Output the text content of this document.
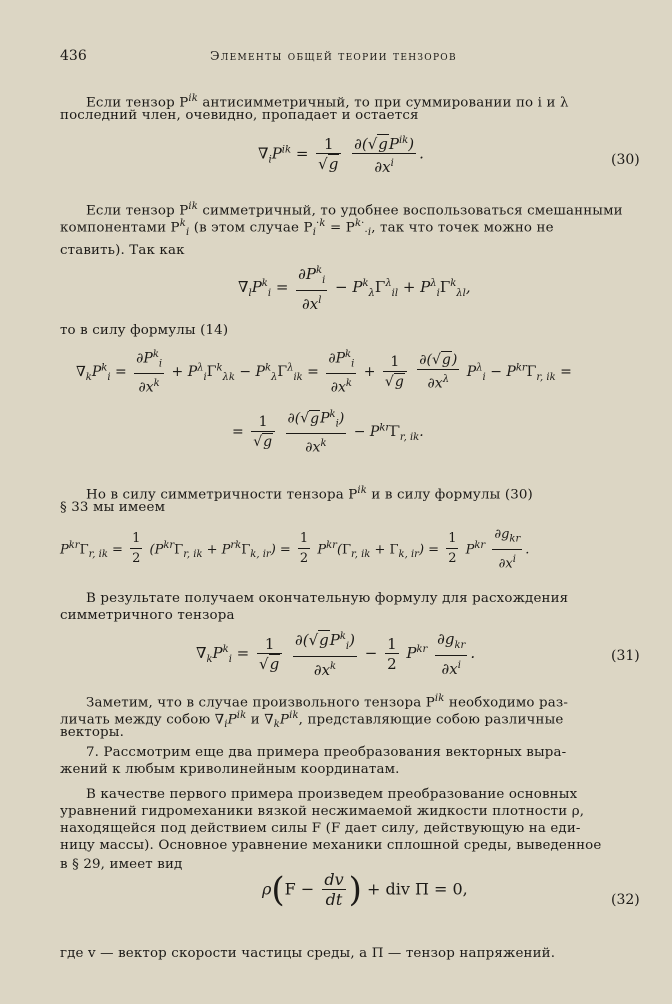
436	Элементы общей теории тензоров
Если тензор $P^{ik}$ антисимметричный, то при суммировании по i и λ
последний член, очевидно, пропадает и остается
$\nabla_iP^{ik} = \frac{1}{√g}$
$\frac{\partial(√gP^{ik})}{\partial x^i}$ .	(30)
Если тензор $P^{ik}$ симметричный, то удобнее воспользоваться смешанными
компонентами $P^k_i$ (в этом случае $P_i^{\cdot k} = P^{k\cdot}_{\cdot i}$, так что точек можно не
ставить). Так как
$\nabla_lP^k_i = \frac{\partial P^k_i}{\partial x^l} - P^k_\lambda\Gamma^\lambda_{il} + P^\lambda_i\Gamma^k_{\lambda l}$,
то в силу формулы (14)
$\nabla_kP^k_i = \frac{\partial P^k_i}{\partial x^k} + P^\lambda_i\Gamma^k_{\lambda k} - P^k_\lambda\Gamma^\lambda_{ik} = \frac{\partial P^k_i}{\partial x^k} + \frac{1}{√g}$
$\frac{\partial(√g)}{\partial x^\lambda} P^\lambda_i - P^{kr}\Gamma_{r, ik}$ =
= $\frac{1}{√g}$
$\frac{\partial(√gP^k_i)}{\partial x^k} - P^{kr}\Gamma_{r, ik}$.
Но в силу симметричности тензора $P^{ik}$ и в силу формулы (30)
§ 33 мы имеем
$P^{kr}\Gamma_{r, ik} = \frac{1}{2} (P^{kr}\Gamma_{r, ik} + P^{rk}\Gamma_{k, ir}) = \frac{1}{2} P^{kr}(\Gamma_{r, ik} + \Gamma_{k, ir}) = \frac{1}{2} P^{kr} \frac{\partial g_{kr}}{\partial x^i}$ .
В результате получаем окончательную формулу для расхождения
симметричного тензора
$\nabla_kP^k_i = \frac{1}{√g}$
$\frac{\partial(√gP^k_i)}{\partial x^k} - \frac{1}{2} P^{kr} \frac{\partial g_{kr}}{\partial x^i}$ .	(31)
Заметим, что в случае произвольного тензора $P^{ik}$ необходимо раз-
личать между собою $\nabla_iP^{ik}$ и $\nabla_kP^{ik}$, представляющие собою различные
векторы.
7. Рассмотрим еще два примера преобразования векторных выра-
жений к любым криволинейным координатам.
В качестве первого примера произведем преобразование основных
уравнений гидромеханики вязкой несжимаемой жидкости плотности ρ,
находящейся под действием силы F (F дает силу, действующую на еди-
ницу массы). Основное уравнение механики сплошной среды, выведенное
в § 29, имеет вид
$\rho(F - \frac{dv}{dt}$ ) + div Π = 0,
(32)
где v — вектор скорости частицы среды, а Π — тензор напряжений.
